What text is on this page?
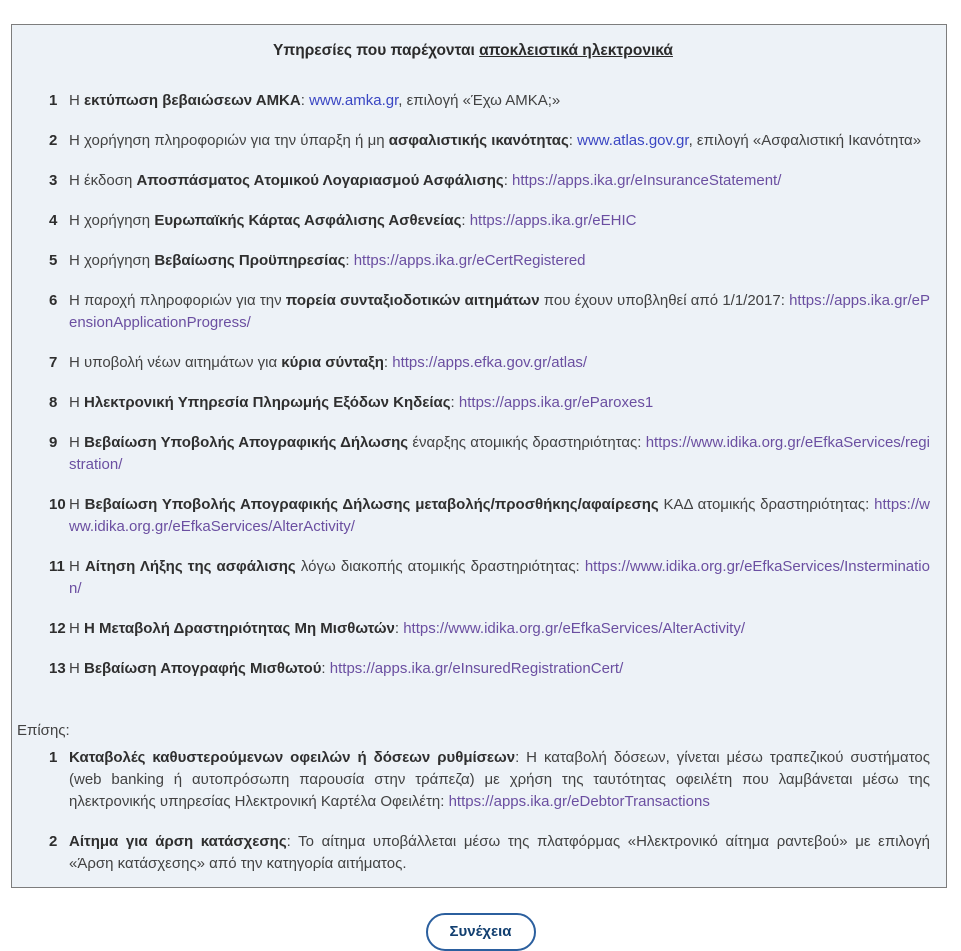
Υπηρεσίες που παρέχονται αποκλειστικά ηλεκτρονικά
1 Η εκτύπωση βεβαιώσεων ΑΜΚΑ: www.amka.gr, επιλογή «Έχω ΑΜΚΑ;»
2 Η χορήγηση πληροφοριών για την ύπαρξη ή μη ασφαλιστικής ικανότητας: www.atlas.gov.gr, επιλογή «Ασφαλιστική Ικανότητα»
3 Η έκδοση Αποσπάσματος Ατομικού Λογαριασμού Ασφάλισης: https://apps.ika.gr/eInsuranceStatement/
4 Η χορήγηση Ευρωπαϊκής Κάρτας Ασφάλισης Ασθενείας: https://apps.ika.gr/eEHIC
5 Η χορήγηση Βεβαίωσης Προϋπηρεσίας: https://apps.ika.gr/eCertRegistered
6 Η παροχή πληροφοριών για την πορεία συνταξιοδοτικών αιτημάτων που έχουν υποβληθεί από 1/1/2017: https://apps.ika.gr/ePensionApplicationProgress/
7 Η υποβολή νέων αιτημάτων για κύρια σύνταξη: https://apps.efka.gov.gr/atlas/
8 Η Ηλεκτρονική Υπηρεσία Πληρωμής Εξόδων Κηδείας: https://apps.ika.gr/eParoxes1
9 Η Βεβαίωση Υποβολής Απογραφικής Δήλωσης έναρξης ατομικής δραστηριότητας: https://www.idika.org.gr/eEfkaServices/registration/
10 Η Βεβαίωση Υποβολής Απογραφικής Δήλωσης μεταβολής/προσθήκης/αφαίρεσης ΚΑΔ ατομικής δραστηριότητας: https://www.idika.org.gr/eEfkaServices/AlterActivity/
11 Η Αίτηση Λήξης της ασφάλισης λόγω διακοπής ατομικής δραστηριότητας: https://www.idika.org.gr/eEfkaServices/Instermination/
12 Η Η Μεταβολή Δραστηριότητας Μη Μισθωτών: https://www.idika.org.gr/eEfkaServices/AlterActivity/
13 Η Βεβαίωση Απογραφής Μισθωτού: https://apps.ika.gr/eInsuredRegistrationCert/
Επίσης:
1 Καταβολές καθυστερούμενων οφειλών ή δόσεων ρυθμίσεων: Η καταβολή δόσεων, γίνεται μέσω τραπεζικού συστήματος (web banking ή αυτοπρόσωπη παρουσία στην τράπεζα) με χρήση της ταυτότητας οφειλέτη που λαμβάνεται μέσω της ηλεκτρονικής υπηρεσίας Ηλεκτρονική Καρτέλα Οφειλέτη: https://apps.ika.gr/eDebtorTransactions
2 Αίτημα για άρση κατάσχεσης: Το αίτημα υποβάλλεται μέσω της πλατφόρμας «Ηλεκτρονικό αίτημα ραντεβού» με επιλογή «Άρση κατάσχεσης» από την κατηγορία αιτήματος.
Συνέχεια
